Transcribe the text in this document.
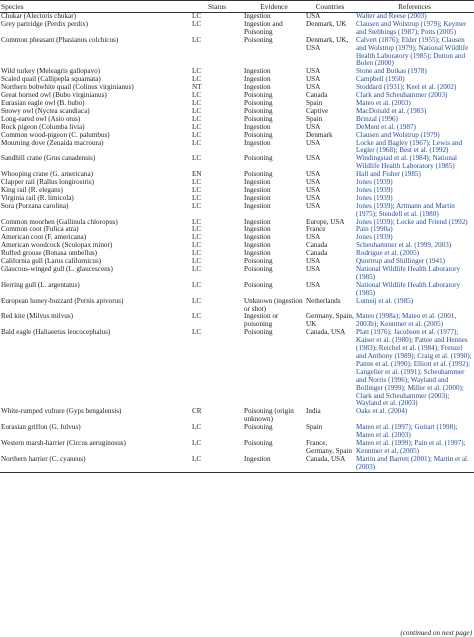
Species	Status	Evidence	Countries	References
Chukar (Alectoris chukar)	LC	Ingestion	USA	Walter and Reese (2003)
Grey partridge (Perdix perdix)	LC	Ingestion and Poisoning	Denmark, UK	Clausen and Wolstrup (1979); Keymer and Stebbings (1987); Potts (2005)
Common pheasant (Phasianus colchicus)	LC	Poisoning	Denmark, UK, USA	Calvert (1876); Elder (1955); Clausen and Wolstrup (1979); National Wildlife Health Laboratory (1985); Dutton and Bolen (2000)
Wild turkey (Meleagris gallopavo)	LC	Ingestion	USA	Stone and Butkas (1978)
Scaled quail (Callipepla squamata)	LC	Ingestion	USA	Campbell (1950)
Northern bobwhite quail (Colinus virginianus)	NT	Ingestion	USA	Stoddard (1931); Keel et al. (2002)
Great horned owl (Bubo virginianus)	LC	Poisoning	Canada	Clark and Scheuhammer (2003)
Eurasian eagle owl (B. bubo)	LC	Poisoning	Spain	Mateo et al. (2003)
Snowy owl (Nyctea scandiaca)	LC	Poisoning	Captive	MacDonald et al. (1983)
Long-eared owl (Asio otus)	LC	Poisoning	Spain	Brinzal (1996)
Rock pigeon (Columba livia)	LC	Ingestion	USA	DeMent et al. (1987)
Common wood-pigeon (C. palumbus)	LC	Poisoning	Denmark	Clausen and Wolstrup (1979)
Mourning dove (Zenaida macroura)	LC	Ingestion	USA	Locke and Bagley (1967); Lewis and Legler (1968); Best et al. (1992)
Sandhill crane (Grus canadensis)	LC	Poisoning	USA	Windingstad et al. (1984); National Wildlife Health Laboratory (1985)
Whooping crane (G. americana)	EN	Poisoning	USA	Hall and Fisher (1985)
Clapper rail (Rallus longirostris)	LC	Ingestion	USA	Jones (1939)
King rail (R. elegans)	LC	Ingestion	USA	Jones (1939)
Virginia rail (R. limicola)	LC	Ingestion	USA	Jones (1939)
Sora (Porzana carolina)	LC	Ingestion	USA	Jones (1939); Artmann and Martin (1975); Stendell et al. (1980)
Common moorhen (Gallinula chloropus)	LC	Ingestion	Europe, USA	Jones (1939); Locke and Friend (1992)
Common coot (Fulica atra)	LC	Ingestion	France	Pain (1990a)
American coot (F. americana)	LC	Ingestion	USA	Jones (1939)
American woodcock (Scolopax minor)	LC	Ingestion	Canada	Scheuhammer et al. (1999, 2003)
Ruffed grouse (Bonasa umbellus)	LC	Ingestion	Canada	Rodrigue et al. (2005)
California gull (Larus californicus)	LC	Poisoning	USA	Quortrup and Shillinger (1941)
Glaucous-winged gull (L. glaucescens)	LC	Poisoning	USA	National Wildlife Health Laboratory (1985)
Herring gull (L. argentatus)	LC	Poisoning	USA	National Wildlife Health Laboratory (1985)
European honey-buzzard (Pernis apivorus)	LC	Unknown (ingestion or shot)	Netherlands	Lumeij et al. (1985)
Red kite (Milvus milvus)	LC	Ingestion or poisoning	Germany, Spain, UK	Mateo (1998a); Mateo et al. (2001, 2003b); Kenntner et al. (2005)
Bald eagle (Haliaeetus leucocephalus)	LC	Poisoning	Canada, USA	Platt (1976); Jacobson et al. (1977); Kaiser et al. (1980); Pattee and Hennes (1983); Reichel et al. (1984); Frenzel and Anthony (1989); Craig et al. (1990); Pattee et al. (1990); Elliott et al. (1992); Langelier et al. (1991); Scheuhammer and Norris (1996); Wayland and Bollinger (1999); Miller et al. (2000); Clark and Scheuhammer (2003); Wayland et al. (2003)
White-rumped vulture (Gyps bengalensis)	CR	Poisoning (origin unknown)	India	Oaks et al. (2004)
Eurasian griffon (G. fulvus)	LC	Poisoning	Spain	Mateo et al. (1997); Guitart (1998); Mateo et al. (2003)
Western marsh-harrier (Circus aeruginosus)	LC	Poisoning	France, Germany, Spain	Mateo et al. (1999); Pain et al. (1997); Kenntner et al. (2005)
Northern harrier (C. cyaneus)	LC	Ingestion	Canada, USA	Martin and Barrett (2001); Martin et al. (2003)
(continued on next page)
